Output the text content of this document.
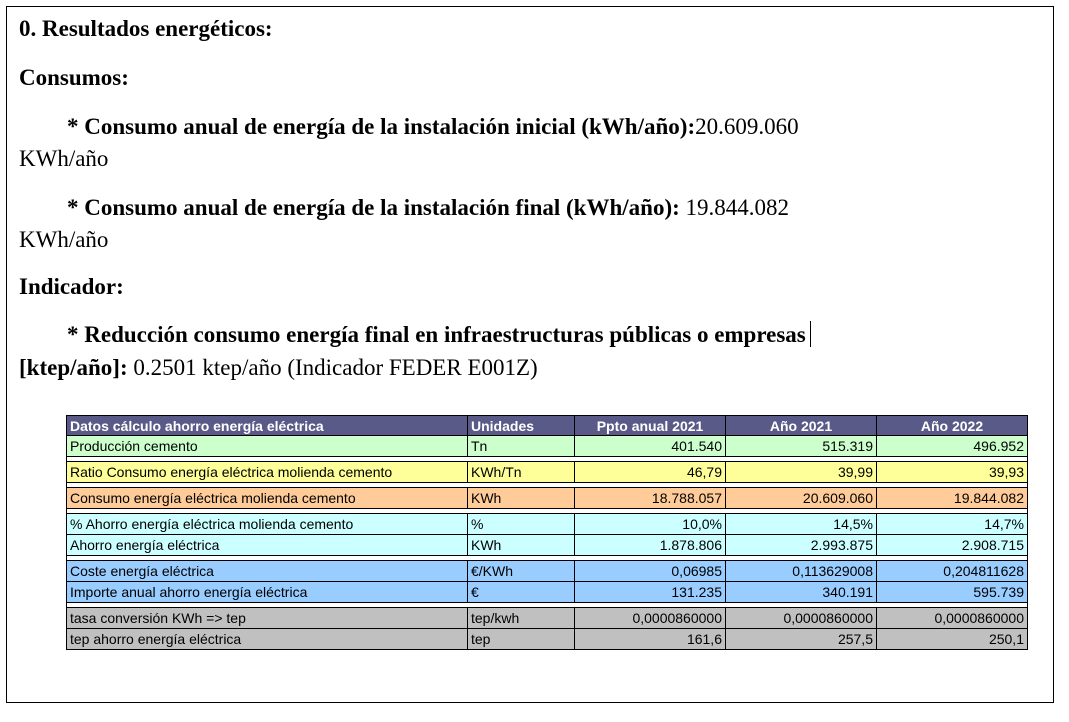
0. Resultados energéticos:
Consumos:
* Consumo anual de energía de la instalación inicial (kWh/año):20.609.060
KWh/año
* Consumo anual de energía de la instalación final (kWh/año): 19.844.082
KWh/año
Indicador:
* Reducción consumo energía final en infraestructuras públicas o empresas
[ktep/año]: 0.2501 ktep/año (Indicador FEDER E001Z)
Datos cálculo ahorro energía eléctrica	Unidades	Ppto anual 2021	Año 2021	Año 2022
Producción cemento	Tn	401.540	515.319	496.952
Ratio Consumo energía eléctrica molienda cemento	KWh/Tn	46,79	39,99	39,93
Consumo energía eléctrica molienda cemento	KWh	18.788.057	20.609.060	19.844.082
% Ahorro energía eléctrica molienda cemento	%	10,0%	14,5%	14,7%
Ahorro energía eléctrica	KWh	1.878.806	2.993.875	2.908.715
Coste energía eléctrica	€/KWh	0,06985	0,113629008	0,204811628
Importe anual ahorro energía eléctrica	€	131.235	340.191	595.739
tasa conversión KWh => tep	tep/kwh	0,0000860000	0,0000860000	0,0000860000
tep ahorro energía eléctrica	tep	161,6	257,5	250,1
